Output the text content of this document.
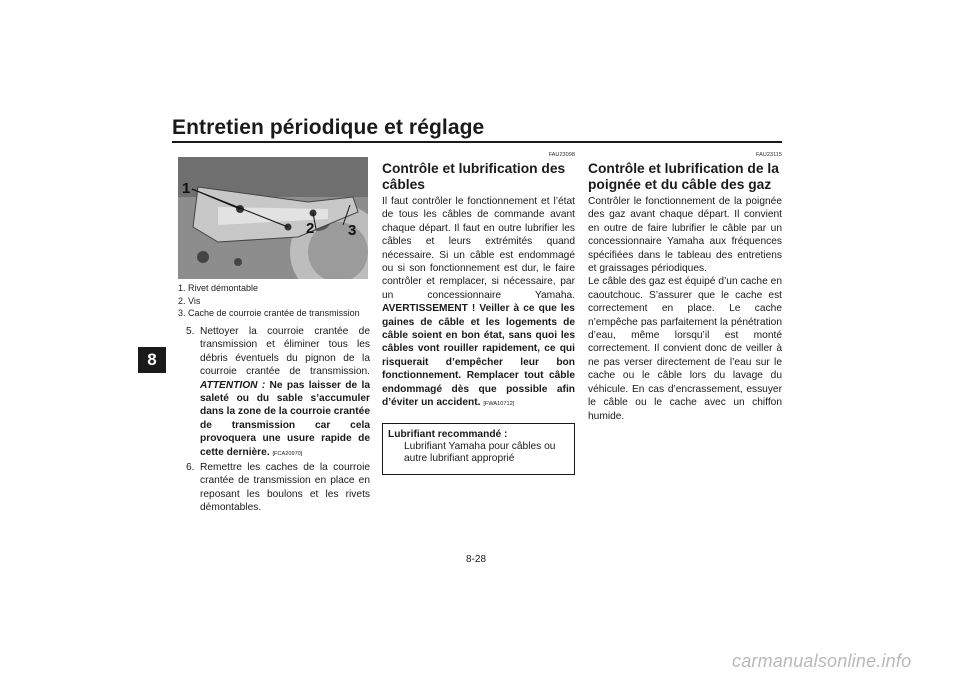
Entretien périodique et réglage
8
1
2 3
1. Rivet démontable
2. Vis
3. Cache de courroie crantée de transmission
5. Nettoyer la courroie crantée de transmission et éliminer tous les débris éventuels du pignon de la courroie crantée de transmission. ATTENTION : Ne pas laisser de la saleté ou du sable s’accumuler dans la zone de la courroie crantée de transmission car cela provoquera une usure rapide de cette dernière. [FCA20970]
6. Remettre les caches de la courroie crantée de transmission en place en reposant les boulons et les rivets démontables.
FAU23098
Contrôle et lubrification des câbles

Il faut contrôler le fonctionnement et l’état de tous les câbles de commande avant chaque départ. Il faut en outre lubrifier les câbles et leurs extrémités quand nécessaire. Si un câble est endommagé ou si son fonctionnement est dur, le faire contrôler et remplacer, si nécessaire, par un concessionnaire Yamaha. AVERTISSEMENT ! Veiller à ce que les gaines de câble et les logements de câble soient en bon état, sans quoi les câbles vont rouiller rapidement, ce qui risquerait d’empêcher leur bon fonctionnement. Remplacer tout câble endommagé dès que possible afin d’éviter un accident. [FWA10712]

Lubrifiant recommandé :
Lubrifiant Yamaha pour câbles ou autre lubrifiant approprié
FAU23115
Contrôle et lubrification de la poignée et du câble des gaz

Contrôler le fonctionnement de la poignée des gaz avant chaque départ. Il convient en outre de faire lubrifier le câble par un concessionnaire Yamaha aux fréquences spécifiées dans le tableau des entretiens et graissages périodiques.

Le câble des gaz est équipé d’un cache en caoutchouc. S’assurer que le cache est correctement en place. Le cache n’empêche pas parfaitement la pénétration d’eau, même lorsqu’il est monté correctement. Il convient donc de veiller à ne pas verser directement de l’eau sur le cache ou le câble lors du lavage du véhicule. En cas d’encrassement, essuyer le câble ou le cache avec un chiffon humide.

8-28
carmanualsonline.info
